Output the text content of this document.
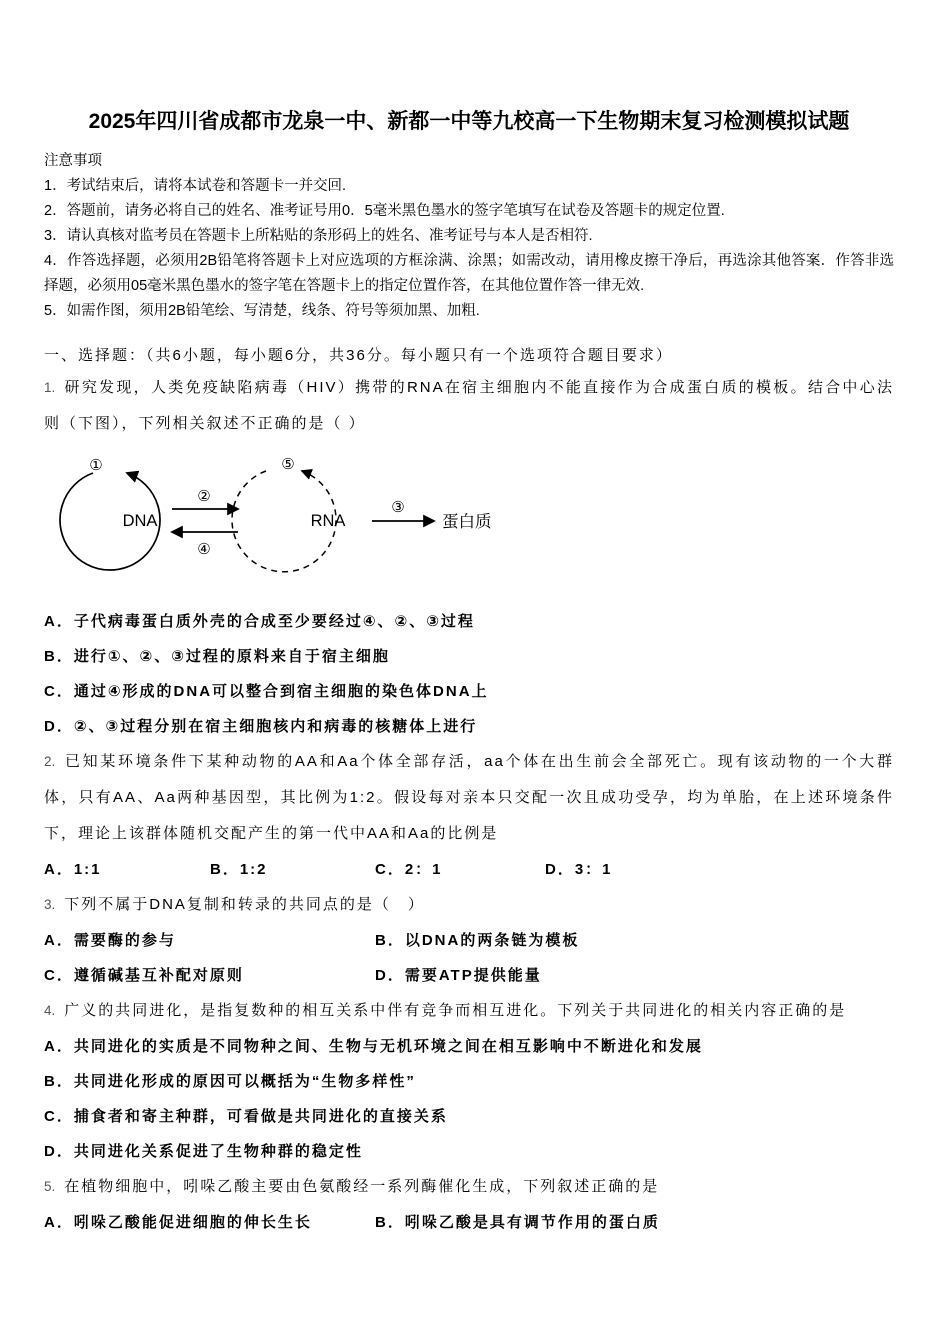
2025年四川省成都市龙泉一中、新都一中等九校高一下生物期末复习检测模拟试题
注意事项
1．考试结束后，请将本试卷和答题卡一并交回.
2．答题前，请务必将自己的姓名、准考证号用0．5毫米黑色墨水的签字笔填写在试卷及答题卡的规定位置.
3．请认真核对监考员在答题卡上所粘贴的条形码上的姓名、准考证号与本人是否相符.
4．作答选择题，必须用2B铅笔将答题卡上对应选项的方框涂满、涂黑；如需改动，请用橡皮擦干净后，再选涂其他答案．作答非选择题，必须用05毫米黑色墨水的签字笔在答题卡上的指定位置作答，在其他位置作答一律无效.
5．如需作图，须用2B铅笔绘、写清楚，线条、符号等须加黑、加粗.
一、选择题：（共6小题，每小题6分，共36分。每小题只有一个选项符合题目要求）
1. 研究发现，人类免疫缺陷病毒（HIV）携带的RNA在宿主细胞内不能直接作为合成蛋白质的模板。结合中心法则（下图），下列相关叙述不正确的是（ ）
①
DNA
②
④
⑤
RNA
③
蛋白质
A．子代病毒蛋白质外壳的合成至少要经过④、②、③过程
B．进行①、②、③过程的原料来自于宿主细胞
C．通过④形成的DNA可以整合到宿主细胞的染色体DNA上
D．②、③过程分别在宿主细胞核内和病毒的核糖体上进行
2. 已知某环境条件下某种动物的AA和Aa个体全部存活，aa个体在出生前会全部死亡。现有该动物的一个大群体，只有AA、Aa两种基因型，其比例为1:2。假设每对亲本只交配一次且成功受孕，均为单胎，在上述环境条件下，理论上该群体随机交配产生的第一代中AA和Aa的比例是
A．1:1	B．1:2	C．2：1	D．3：1
3. 下列不属于DNA复制和转录的共同点的是（　）
A．需要酶的参与	B．以DNA的两条链为模板
C．遵循碱基互补配对原则	D．需要ATP提供能量
4. 广义的共同进化，是指复数种的相互关系中伴有竞争而相互进化。下列关于共同进化的相关内容正确的是
A．共同进化的实质是不同物种之间、生物与无机环境之间在相互影响中不断进化和发展
B．共同进化形成的原因可以概括为“生物多样性”
C．捕食者和寄主种群，可看做是共同进化的直接关系
D．共同进化关系促进了生物种群的稳定性
5. 在植物细胞中，吲哚乙酸主要由色氨酸经一系列酶催化生成，下列叙述正确的是
A．吲哚乙酸能促进细胞的伸长生长	B．吲哚乙酸是具有调节作用的蛋白质
